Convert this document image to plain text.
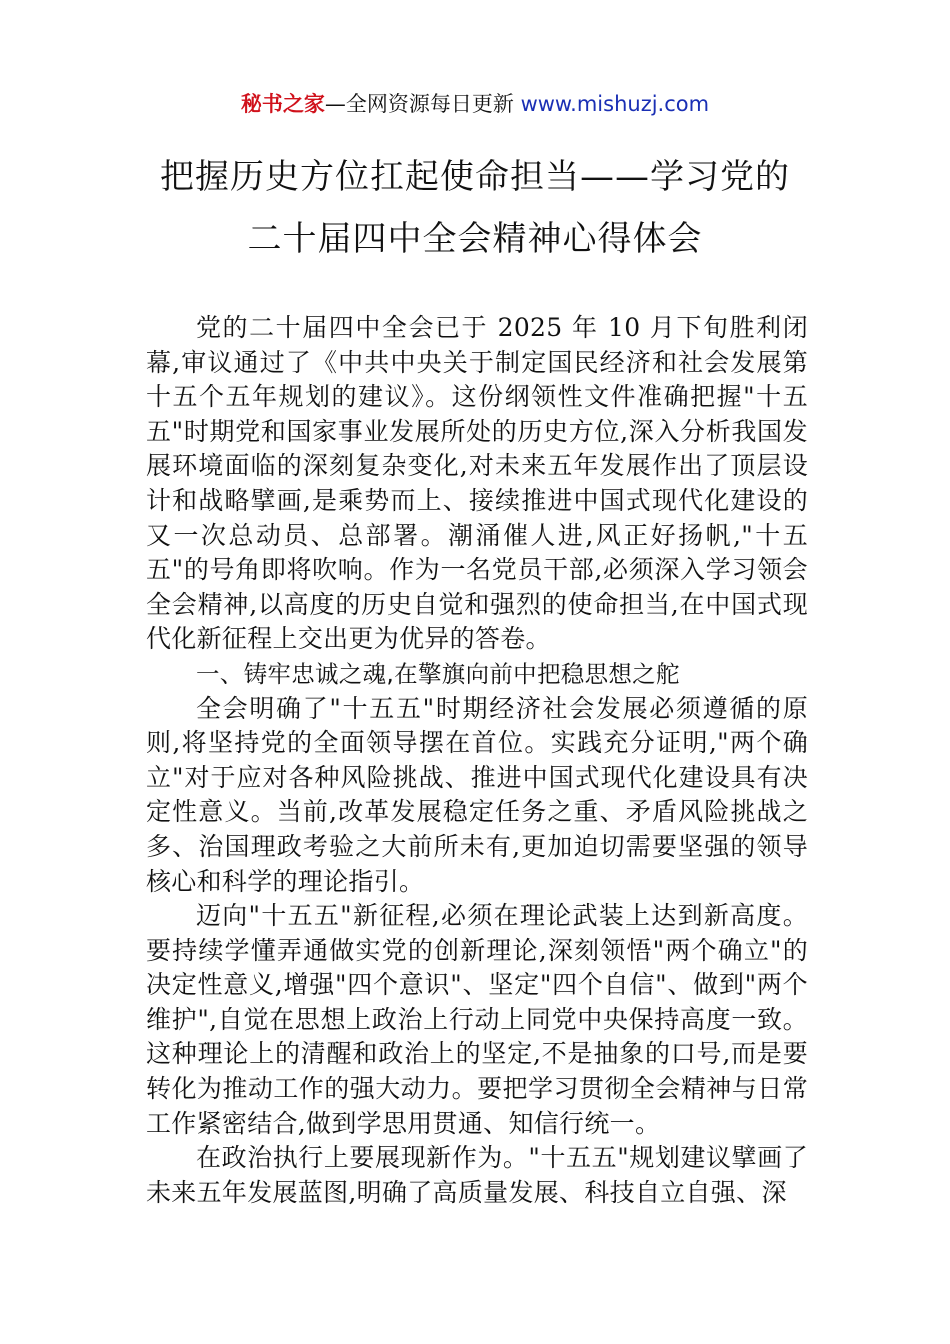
秘书之家—全网资源每日更新 www.mishuzj.com
把握历史方位扛起使命担当——学习党的
二十届四中全会精神心得体会

党的二十届四中全会已于 2025 年 10 月下旬胜利闭幕,审议通过了《中共中央关于制定国民经济和社会发展第十五个五年规划的建议》。这份纲领性文件准确把握"十五五"时期党和国家事业发展所处的历史方位,深入分析我国发展环境面临的深刻复杂变化,对未来五年发展作出了顶层设计和战略擘画,是乘势而上、接续推进中国式现代化建设的又一次总动员、总部署。潮涌催人进,风正好扬帆,"十五五"的号角即将吹响。作为一名党员干部,必须深入学习领会全会精神,以高度的历史自觉和强烈的使命担当,在中国式现代化新征程上交出更为优异的答卷。

一、铸牢忠诚之魂,在擎旗向前中把稳思想之舵

全会明确了"十五五"时期经济社会发展必须遵循的原则,将坚持党的全面领导摆在首位。实践充分证明,"两个确立"对于应对各种风险挑战、推进中国式现代化建设具有决定性意义。当前,改革发展稳定任务之重、矛盾风险挑战之多、治国理政考验之大前所未有,更加迫切需要坚强的领导核心和科学的理论指引。

迈向"十五五"新征程,必须在理论武装上达到新高度。要持续学懂弄通做实党的创新理论,深刻领悟"两个确立"的决定性意义,增强"四个意识"、坚定"四个自信"、做到"两个维护",自觉在思想上政治上行动上同党中央保持高度一致。这种理论上的清醒和政治上的坚定,不是抽象的口号,而是要转化为推动工作的强大动力。要把学习贯彻全会精神与日常工作紧密结合,做到学思用贯通、知信行统一。

在政治执行上要展现新作为。"十五五"规划建议擘画了未来五年发展蓝图,明确了高质量发展、科技自立自强、深
